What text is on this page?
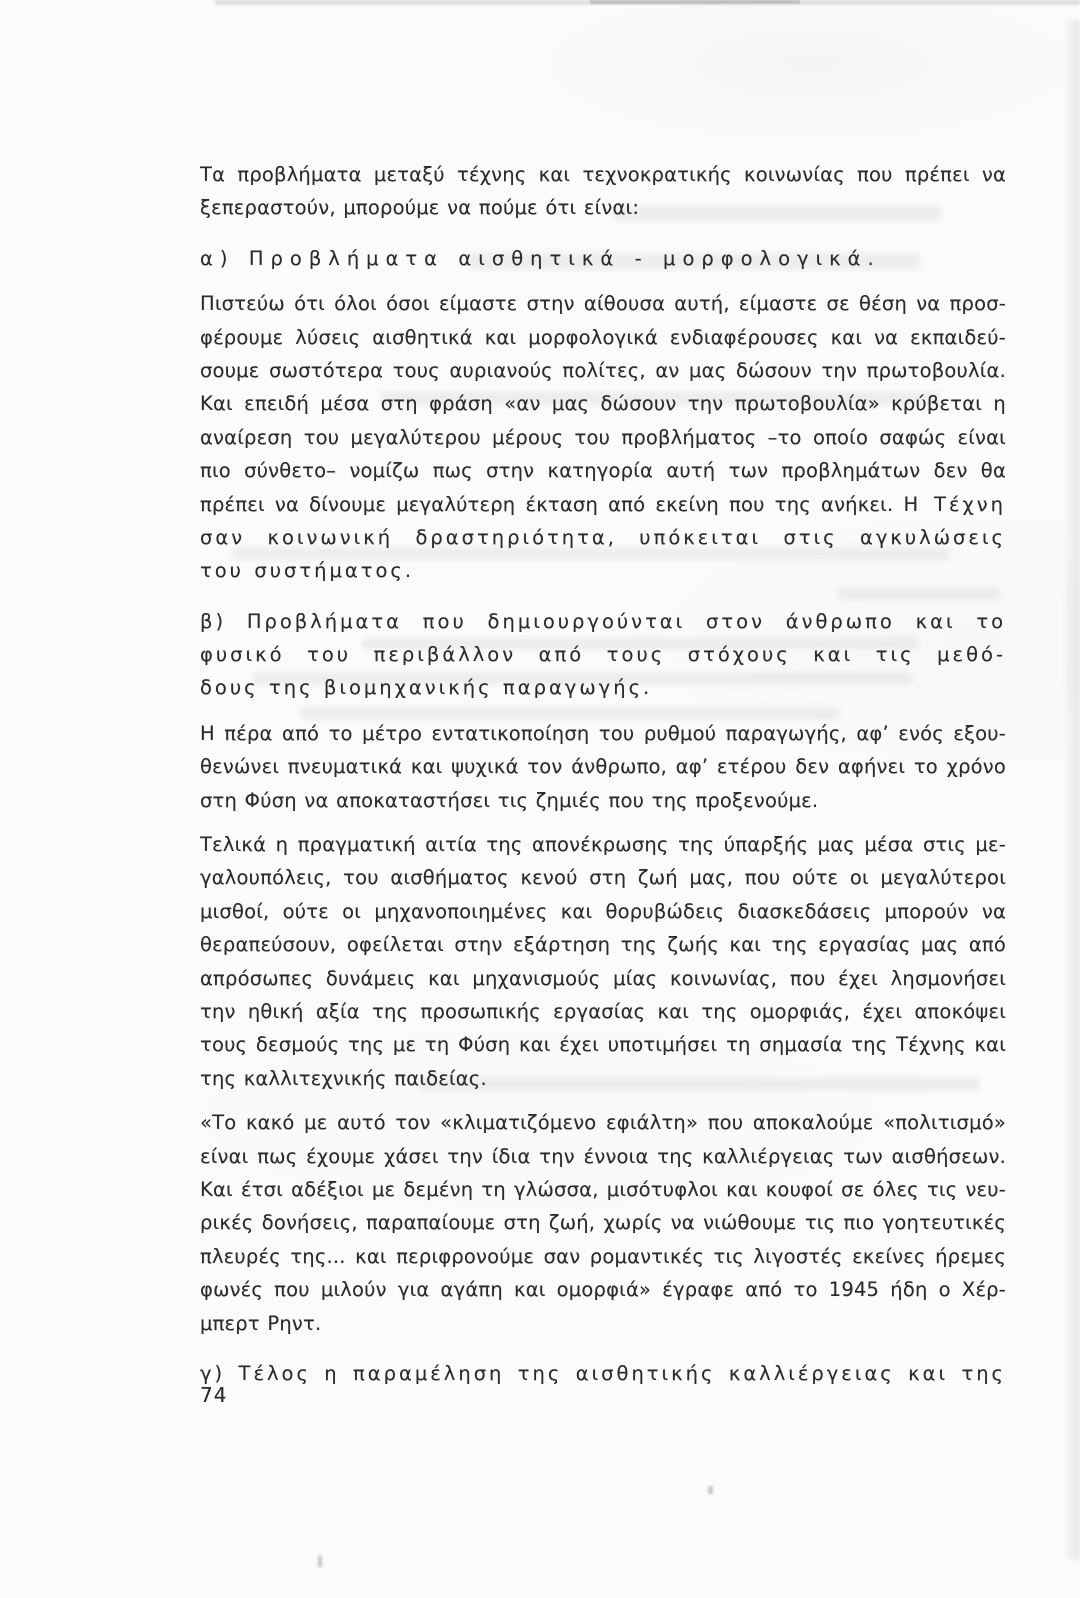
Τα προβλήματα μεταξύ τέχνης και τεχνοκρατικής κοινωνίας που πρέπει να
ξεπεραστούν, μπορούμε να πούμε ότι είναι:
α) Προβλήματα αισθητικά - μορφολογικά.
Πιστεύω ότι όλοι όσοι είμαστε στην αίθουσα αυτή, είμαστε σε θέση να προσ-
φέρουμε λύσεις αισθητικά και μορφολογικά ενδιαφέρουσες και να εκπαιδεύ-
σουμε σωστότερα τους αυριανούς πολίτες, αν μας δώσουν την πρωτοβουλία.
Και επειδή μέσα στη φράση «αν μας δώσουν την πρωτοβουλία» κρύβεται η
αναίρεση του μεγαλύτερου μέρους του προβλήματος –το οποίο σαφώς είναι
πιο σύνθετο– νομίζω πως στην κατηγορία αυτή των προβλημάτων δεν θα
πρέπει να δίνουμε μεγαλύτερη έκταση από εκείνη που της ανήκει. Η Τέχνη
σαν κοινωνική δραστηριότητα, υπόκειται στις αγκυλώσεις
του συστήματος.
β) Προβλήματα που δημιουργούνται στον άνθρωπο και το
φυσικό του περιβάλλον από τους στόχους και τις μεθό-
δους της βιομηχανικής παραγωγής.
Η πέρα από το μέτρο εντατικοποίηση του ρυθμού παραγωγής, αφ’ ενός εξου-
θενώνει πνευματικά και ψυχικά τον άνθρωπο, αφ’ ετέρου δεν αφήνει το χρόνο
στη Φύση να αποκαταστήσει τις ζημιές που της προξενούμε.
Τελικά η πραγματική αιτία της απονέκρωσης της ύπαρξής μας μέσα στις με-
γαλουπόλεις, του αισθήματος κενού στη ζωή μας, που ούτε οι μεγαλύτεροι
μισθοί, ούτε οι μηχανοποιημένες και θορυβώδεις διασκεδάσεις μπορούν να
θεραπεύσουν, οφείλεται στην εξάρτηση της ζωής και της εργασίας μας από
απρόσωπες δυνάμεις και μηχανισμούς μίας κοινωνίας, που έχει λησμονήσει
την ηθική αξία της προσωπικής εργασίας και της ομορφιάς, έχει αποκόψει
τους δεσμούς της με τη Φύση και έχει υποτιμήσει τη σημασία της Τέχνης και
της καλλιτεχνικής παιδείας.
«Το κακό με αυτό τον «κλιματιζόμενο εφιάλτη» που αποκαλούμε «πολιτισμό»
είναι πως έχουμε χάσει την ίδια την έννοια της καλλιέργειας των αισθήσεων.
Και έτσι αδέξιοι με δεμένη τη γλώσσα, μισότυφλοι και κουφοί σε όλες τις νευ-
ρικές δονήσεις, παραπαίουμε στη ζωή, χωρίς να νιώθουμε τις πιο γοητευτικές
πλευρές της... και περιφρονούμε σαν ρομαντικές τις λιγοστές εκείνες ήρεμες
φωνές που μιλούν για αγάπη και ομορφιά» έγραφε από το 1945 ήδη ο Χέρ-
μπερτ Ρηντ.
γ) Τέλος η παραμέληση της αισθητικής καλλιέργειας και της
74
